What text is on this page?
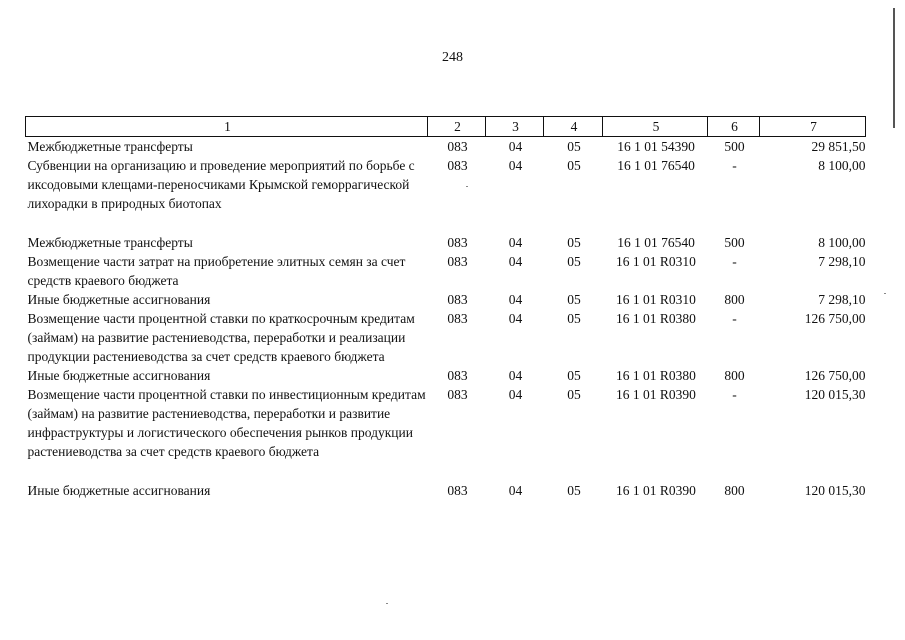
248
1	2	3	4	5	6	7
Межбюджетные трансферты	083	04	05	16 1 01 54390	500	29 851,50
Субвенции на организацию и проведение мероприятий по борьбе с иксодовыми клещами-переносчиками Крымской геморрагической лихорадки в природных биотопах	083	04	05	16 1 01 76540	-	8 100,00
Межбюджетные трансферты	083	04	05	16 1 01 76540	500	8 100,00
Возмещение части затрат на приобретение элитных семян за счет средств краевого бюджета	083	04	05	16 1 01 R0310	-	7 298,10
Иные бюджетные ассигнования	083	04	05	16 1 01 R0310	800	7 298,10
Возмещение части процентной ставки по краткосрочным кредитам (займам) на развитие растениеводства, переработки и реализации продукции растениеводства за счет средств краевого бюджета	083	04	05	16 1 01 R0380	-	126 750,00
Иные бюджетные ассигнования	083	04	05	16 1 01 R0380	800	126 750,00
Возмещение части процентной ставки по инвестиционным кредитам (займам) на развитие растениеводства, переработки и развитие инфраструктуры и логистического обеспечения рынков продукции растениеводства за счет средств краевого бюджета	083	04	05	16 1 01 R0390	-	120 015,30
Иные бюджетные ассигнования	083	04	05	16 1 01 R0390	800	120 015,30
